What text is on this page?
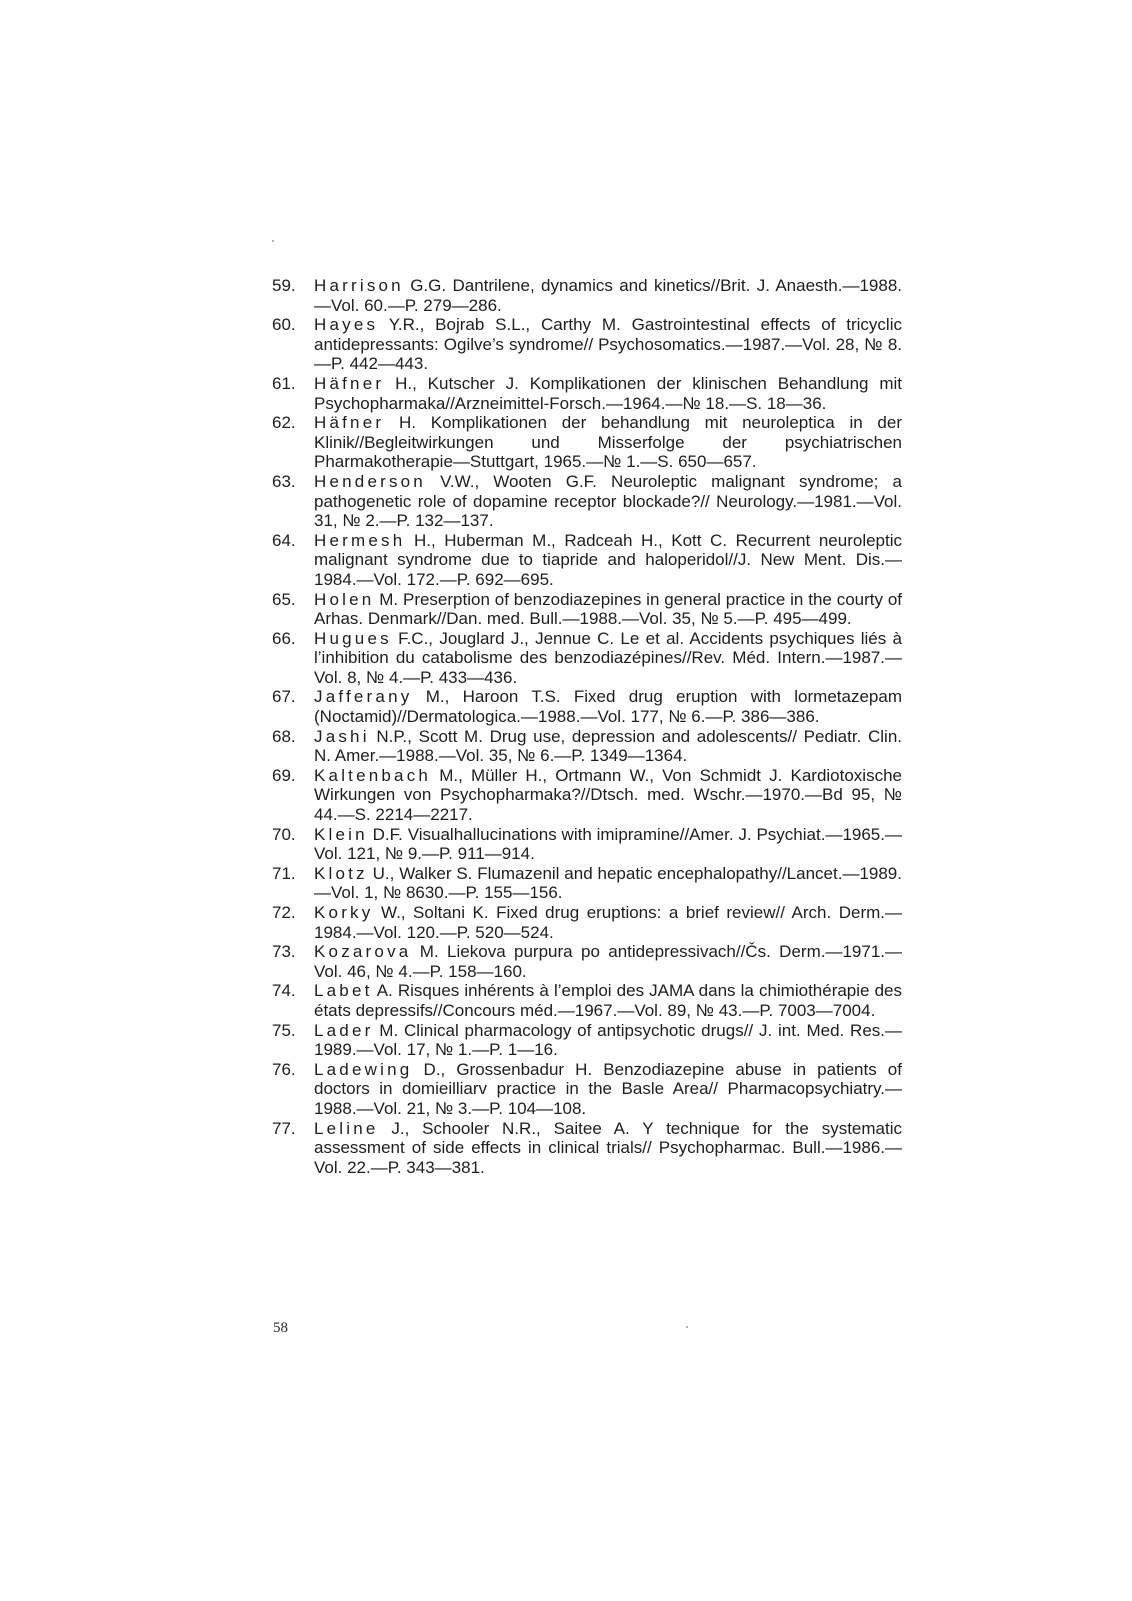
59.	Harrison G.G. Dantrilene, dynamics and kinetics//Brit. J. Anaesth.—1988.—Vol. 60.—P. 279—286.
60.	Hayes Y.R., Bojrab S.L., Carthy M. Gastrointestinal effects of tricyclic antidepressants: Ogilve’s syndrome// Psychosomatics.—1987.—Vol. 28, № 8.—P. 442—443.
61.	Häfner H., Kutscher J. Komplikationen der klinischen Behandlung mit Psychopharmaka//Arzneimittel-Forsch.—1964.—№ 18.—S. 18—36.
62.	Häfner H. Komplikationen der behandlung mit neuroleptica in der Klinik//Begleitwirkungen und Misserfolge der psychiatrischen Pharmakotherapie—Stuttgart, 1965.—№ 1.—S. 650—657.
63.	Henderson V.W., Wooten G.F. Neuroleptic malignant syndrome; a pathogenetic role of dopamine receptor blockade?// Neurology.—1981.—Vol. 31, № 2.—P. 132—137.
64.	Hermesh H., Huberman M., Radceah H., Kott C. Recurrent neuroleptic malignant syndrome due to tiapride and haloperidol//J. New Ment. Dis.—1984.—Vol. 172.—P. 692—695.
65.	Holen M. Preserption of benzodiazepines in general practice in the courty of Arhas. Denmark//Dan. med. Bull.—1988.—Vol. 35, № 5.—P. 495—499.
66.	Hugues F.C., Jouglard J., Jennue C. Le et al. Accidents psychiques liés à l’inhibition du catabolisme des benzodiazépines//Rev. Méd. Intern.—1987.—Vol. 8, № 4.—P. 433—436.
67.	Jafferany M., Haroon T.S. Fixed drug eruption with lormetazepam (Noctamid)//Dermatologica.—1988.—Vol. 177, № 6.—P. 386—386.
68.	Jashi N.P., Scott M. Drug use, depression and adolescents// Pediatr. Clin. N. Amer.—1988.—Vol. 35, № 6.—P. 1349—1364.
69.	Kaltenbach M., Müller H., Ortmann W., Von Schmidt J. Kardiotoxische Wirkungen von Psychopharmaka?//Dtsch. med. Wschr.—1970.—Bd 95, № 44.—S. 2214—2217.
70.	Klein D.F. Visualhallucinations with imipramine//Amer. J. Psychiat.—1965.—Vol. 121, № 9.—P. 911—914.
71.	Klotz U., Walker S. Flumazenil and hepatic encephalopathy//Lancet.—1989.—Vol. 1, № 8630.—P. 155—156.
72.	Korky W., Soltani K. Fixed drug eruptions: a brief review// Arch. Derm.—1984.—Vol. 120.—P. 520—524.
73.	Kozarova M. Liekova purpura po antidepressivach//Čs. Derm.—1971.—Vol. 46, № 4.—P. 158—160.
74.	Labet A. Risques inhérents à l’emploi des JAMA dans la chimiothérapie des états depressifs//Concours méd.—1967.—Vol. 89, № 43.—P. 7003—7004.
75.	Lader M. Clinical pharmacology of antipsychotic drugs// J. int. Med. Res.—1989.—Vol. 17, № 1.—P. 1—16.
76.	Ladewing D., Grossenbadur H. Benzodiazepine abuse in patients of doctors in domieilliarv practice in the Basle Area// Pharmacopsychiatry.—1988.—Vol. 21, № 3.—P. 104—108.
77.	Leline J., Schooler N.R., Saitee A. Y technique for the systematic assessment of side effects in clinical trials// Psychopharmac. Bull.—1986.—Vol. 22.—P. 343—381.
58
